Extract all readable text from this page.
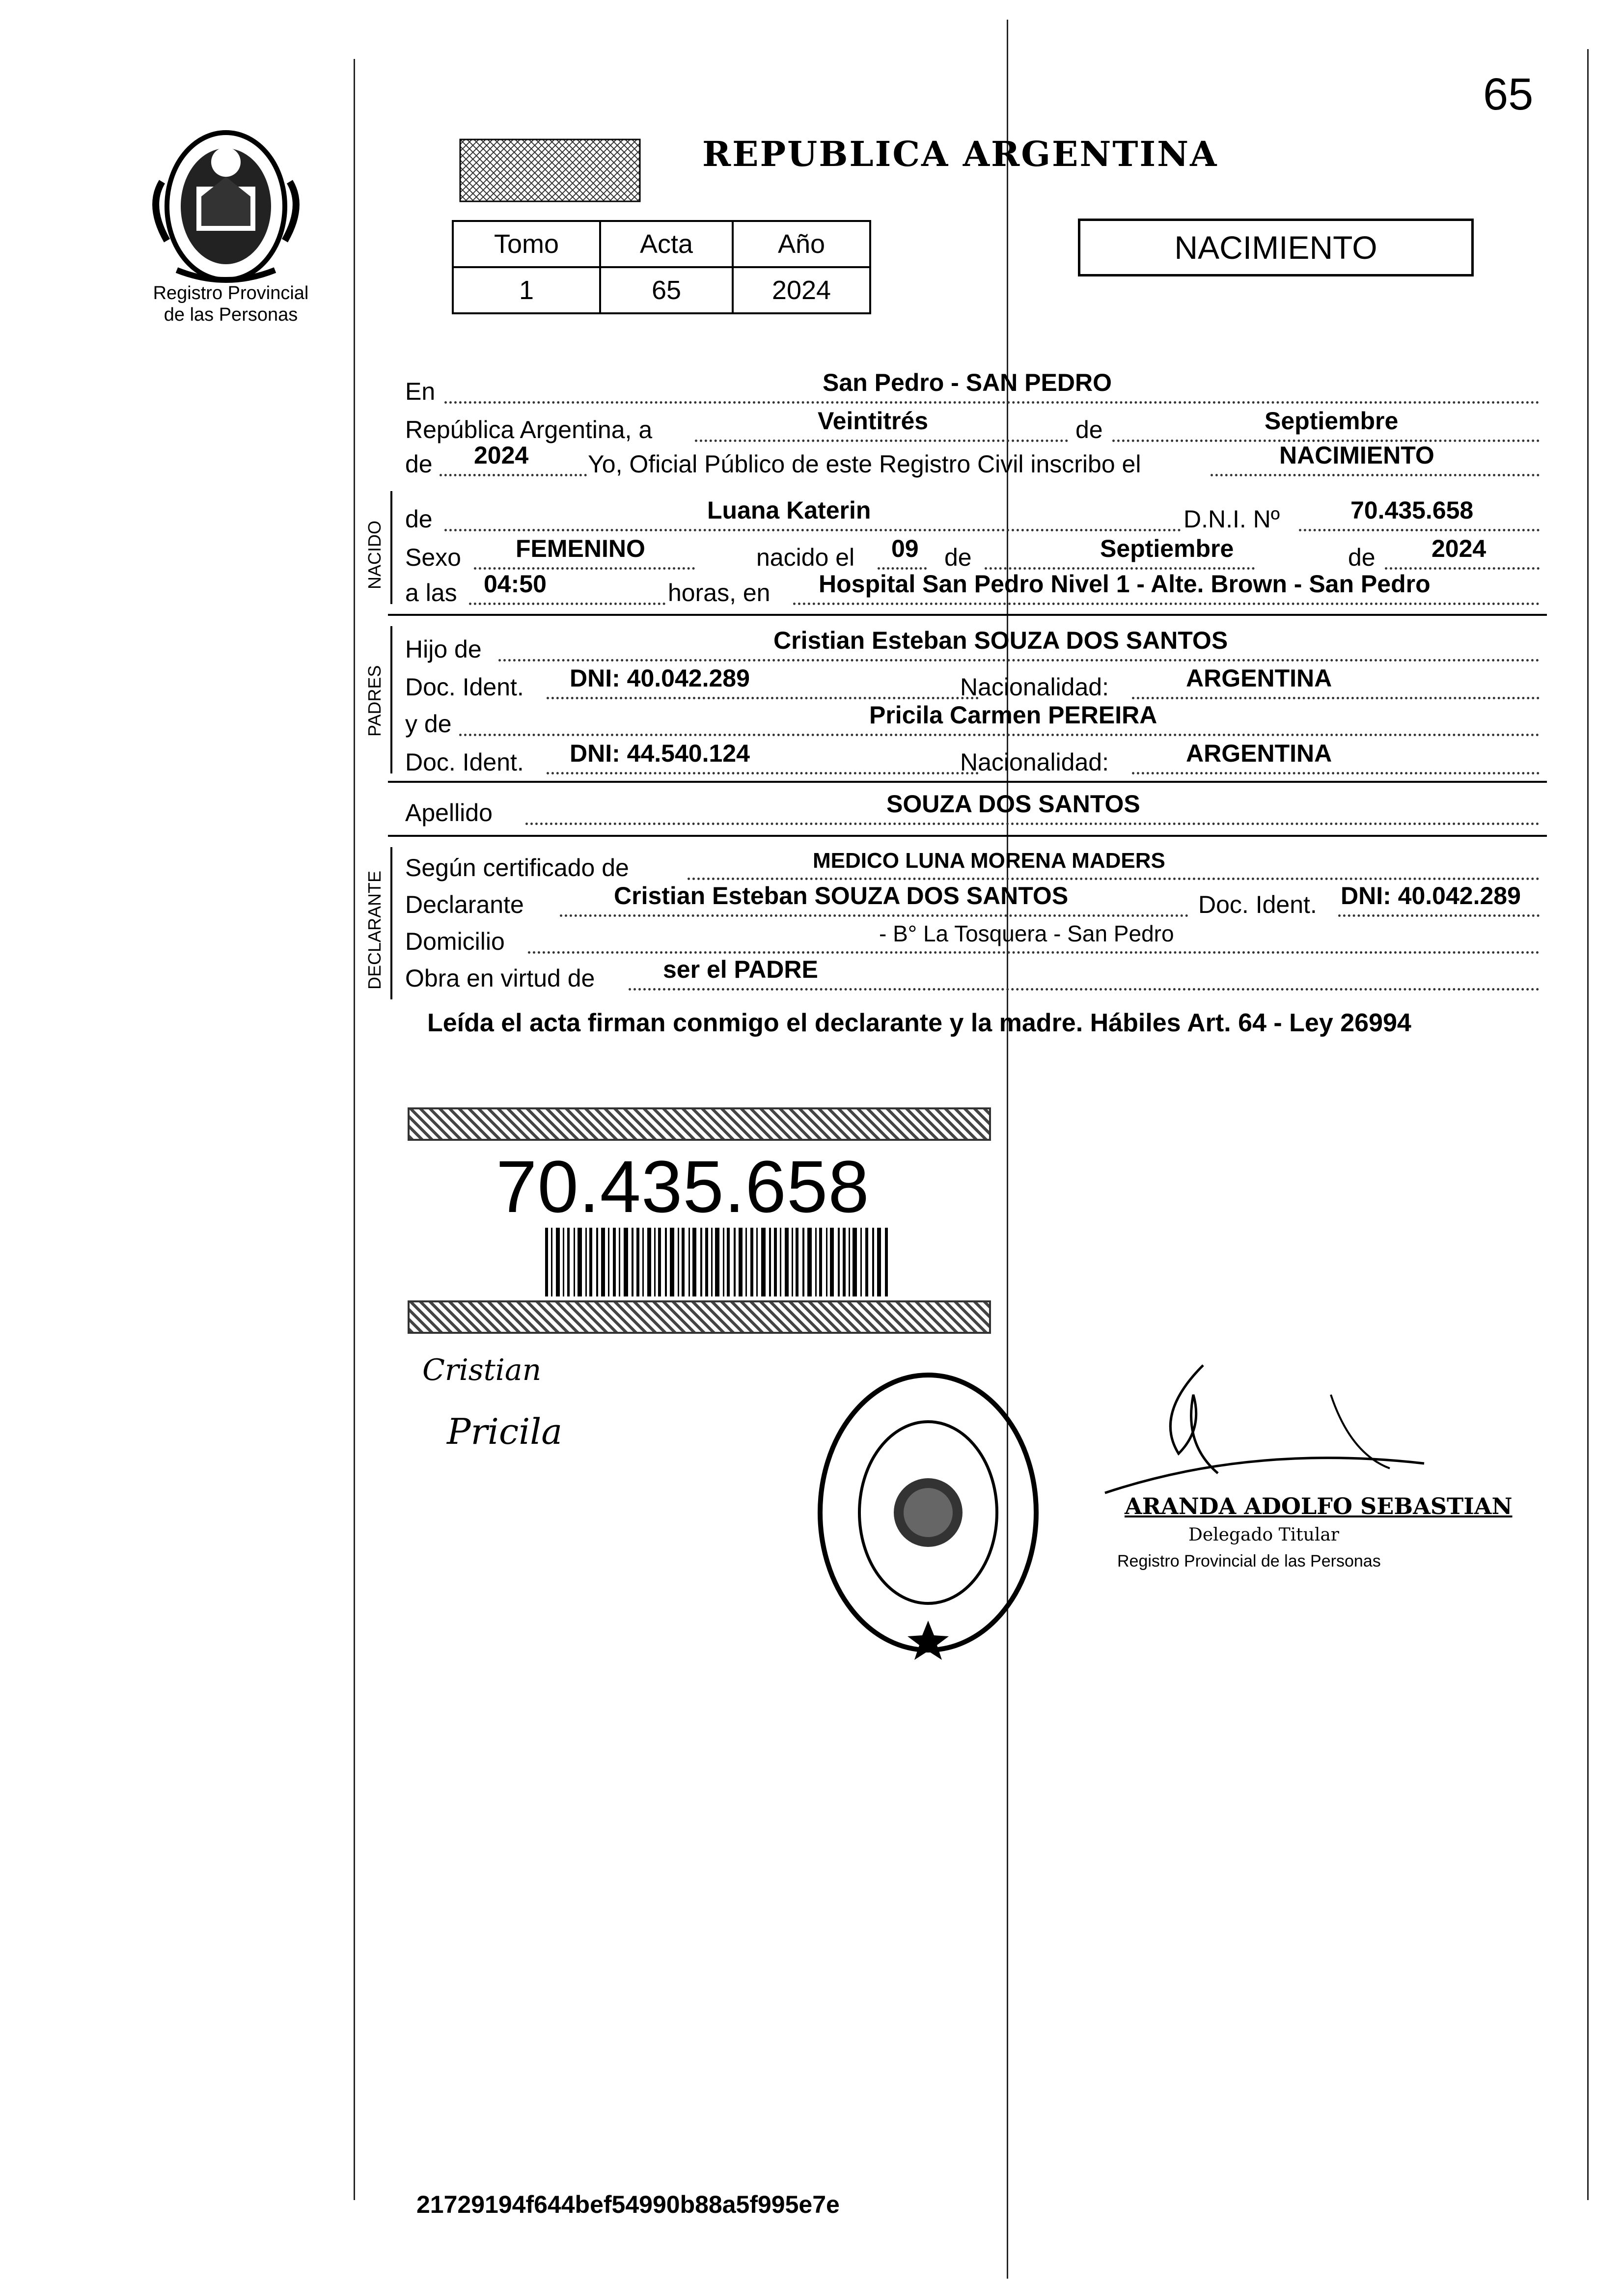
65
Registro Provincial
de las Personas
REPUBLICA ARGENTINA
Tomo	Acta	Año
1	65	2024
NACIMIENTO
En	San Pedro - SAN PEDRO
República Argentina, a	Veintitrés	de	Septiembre
de 2024 Yo, Oficial Público de este Registro Civil inscribo el	NACIMIENTO
NACIDO
de	Luana Katerin	D.N.I. Nº	70.435.658
Sexo FEMENINO	nacido el 09 de	Septiembre	de 2024
a las 04:50	horas, en Hospital San Pedro Nivel 1 - Alte. Brown - San Pedro
PADRES
Hijo de	Cristian Esteban SOUZA DOS SANTOS
Doc. Ident. DNI: 40.042.289	Nacionalidad:	ARGENTINA
y de	Pricila Carmen PEREIRA
Doc. Ident. DNI: 44.540.124	Nacionalidad:	ARGENTINA
Apellido	SOUZA DOS SANTOS
DECLARANTE
Según certificado de	MEDICO LUNA MORENA MADERS
Declarante	Cristian Esteban SOUZA DOS SANTOS	Doc. Ident. DNI: 40.042.289
Domicilio	- B° La Tosquera - San Pedro
Obra en virtud de	ser el PADRE
Leída el acta firman conmigo el declarante y la madre. Hábiles Art. 64 - Ley 26994
70.435.658
Cristian
Pricila
ARANDA ADOLFO SEBASTIAN
Delegado Titular
Registro Provincial de las Personas
21729194f644bef54990b88a5f995e7e
